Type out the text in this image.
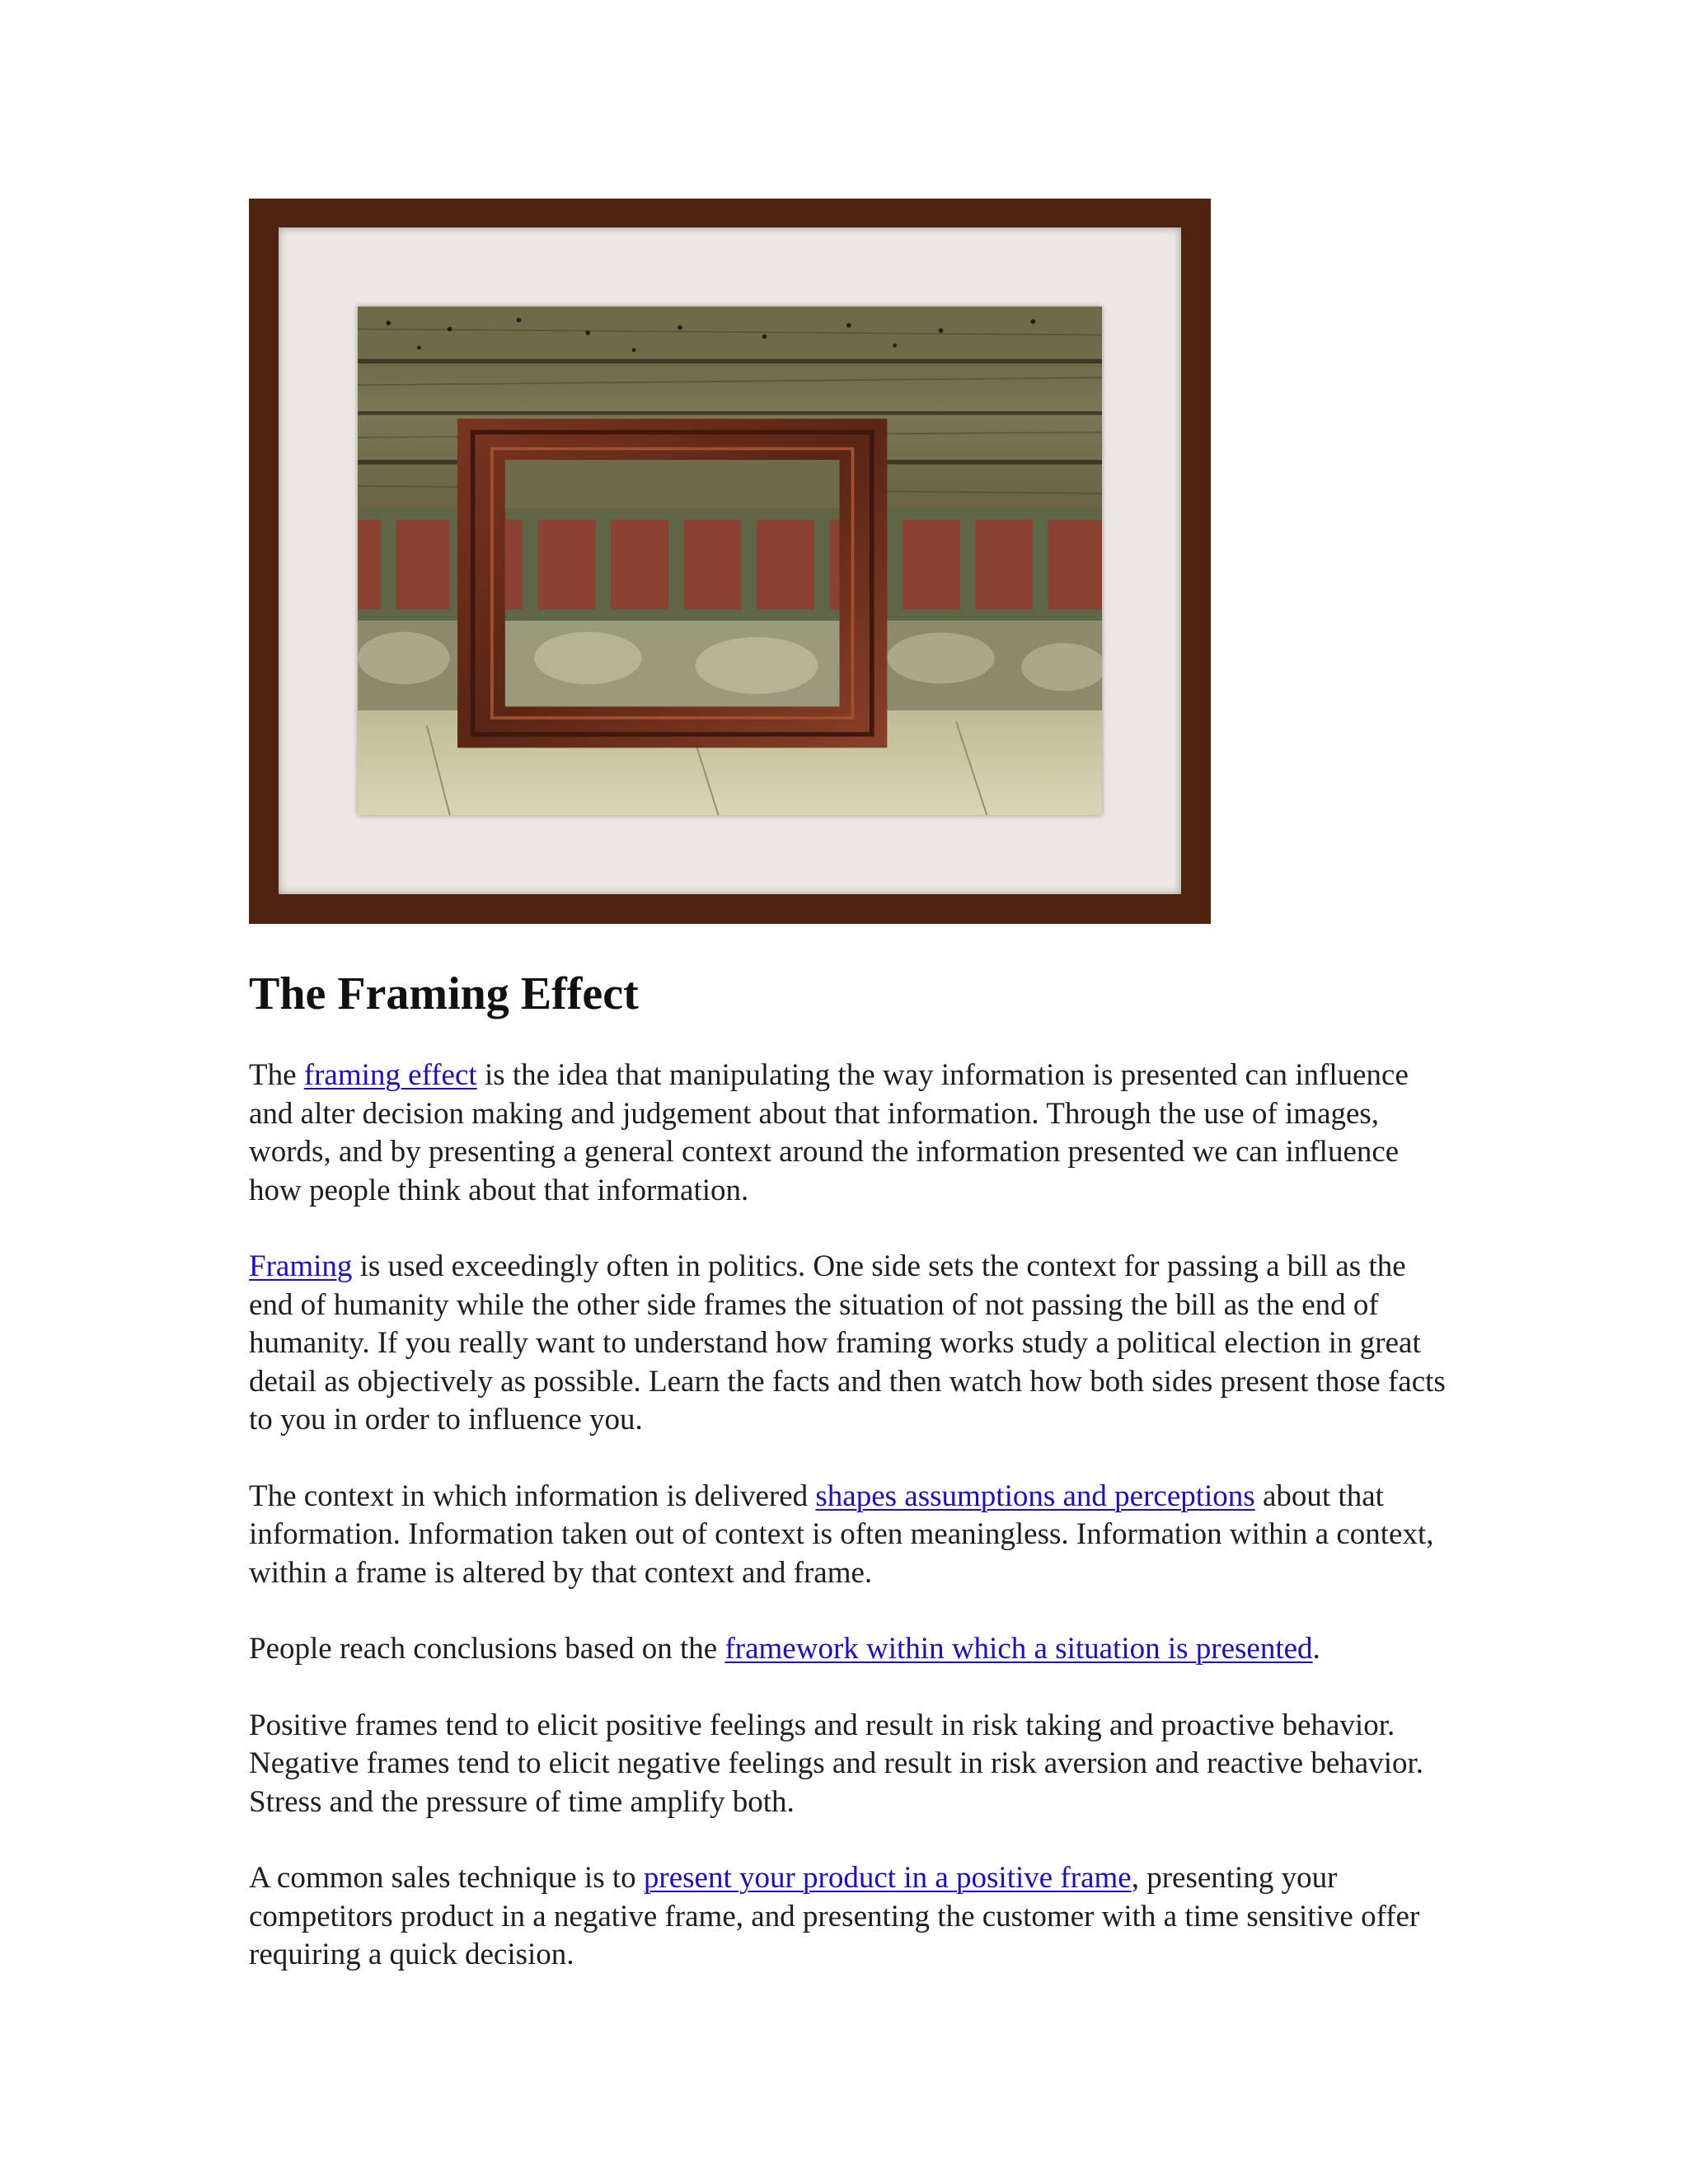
The Framing Effect

The framing effect is the idea that manipulating the way information is presented can influence and alter decision making and judgement about that information. Through the use of images, words, and by presenting a general context around the information presented we can influence how people think about that information.

Framing is used exceedingly often in politics. One side sets the context for passing a bill as the end of humanity while the other side frames the situation of not passing the bill as the end of humanity. If you really want to understand how framing works study a political election in great detail as objectively as possible. Learn the facts and then watch how both sides present those facts to you in order to influence you.

The context in which information is delivered shapes assumptions and perceptions about that information. Information taken out of context is often meaningless. Information within a context, within a frame is altered by that context and frame.

People reach conclusions based on the framework within which a situation is presented.

Positive frames tend to elicit positive feelings and result in risk taking and proactive behavior. Negative frames tend to elicit negative feelings and result in risk aversion and reactive behavior. Stress and the pressure of time amplify both.

A common sales technique is to present your product in a positive frame, presenting your competitors product in a negative frame, and presenting the customer with a time sensitive offer requiring a quick decision.
